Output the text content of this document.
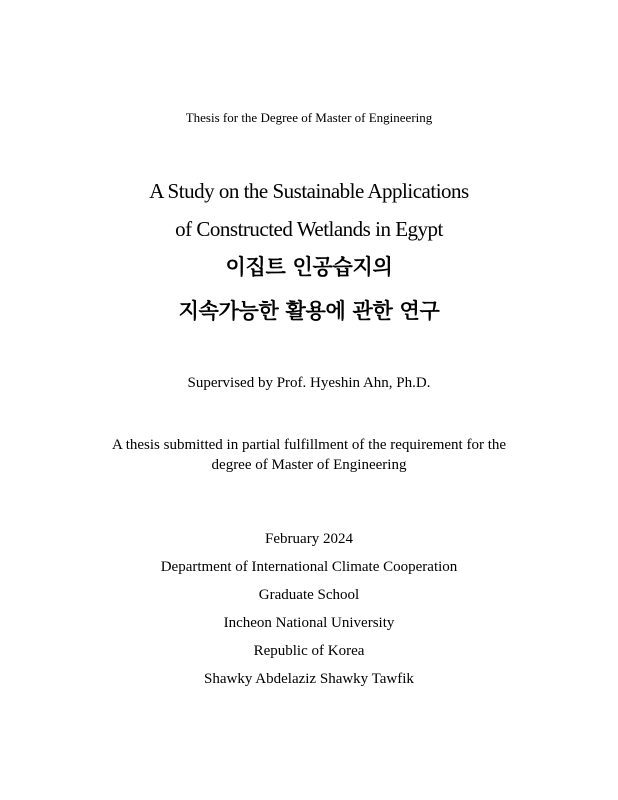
Thesis for the Degree of Master of Engineering
A Study on the Sustainable Applications
of Constructed Wetlands in Egypt
이집트 인공습지의
지속가능한 활용에 관한 연구
Supervised by Prof. Hyeshin Ahn, Ph.D.
A thesis submitted in partial fulfillment of the requirement for the
degree of Master of Engineering
February 2024
Department of International Climate Cooperation
Graduate School
Incheon National University
Republic of Korea
Shawky Abdelaziz Shawky Tawfik
